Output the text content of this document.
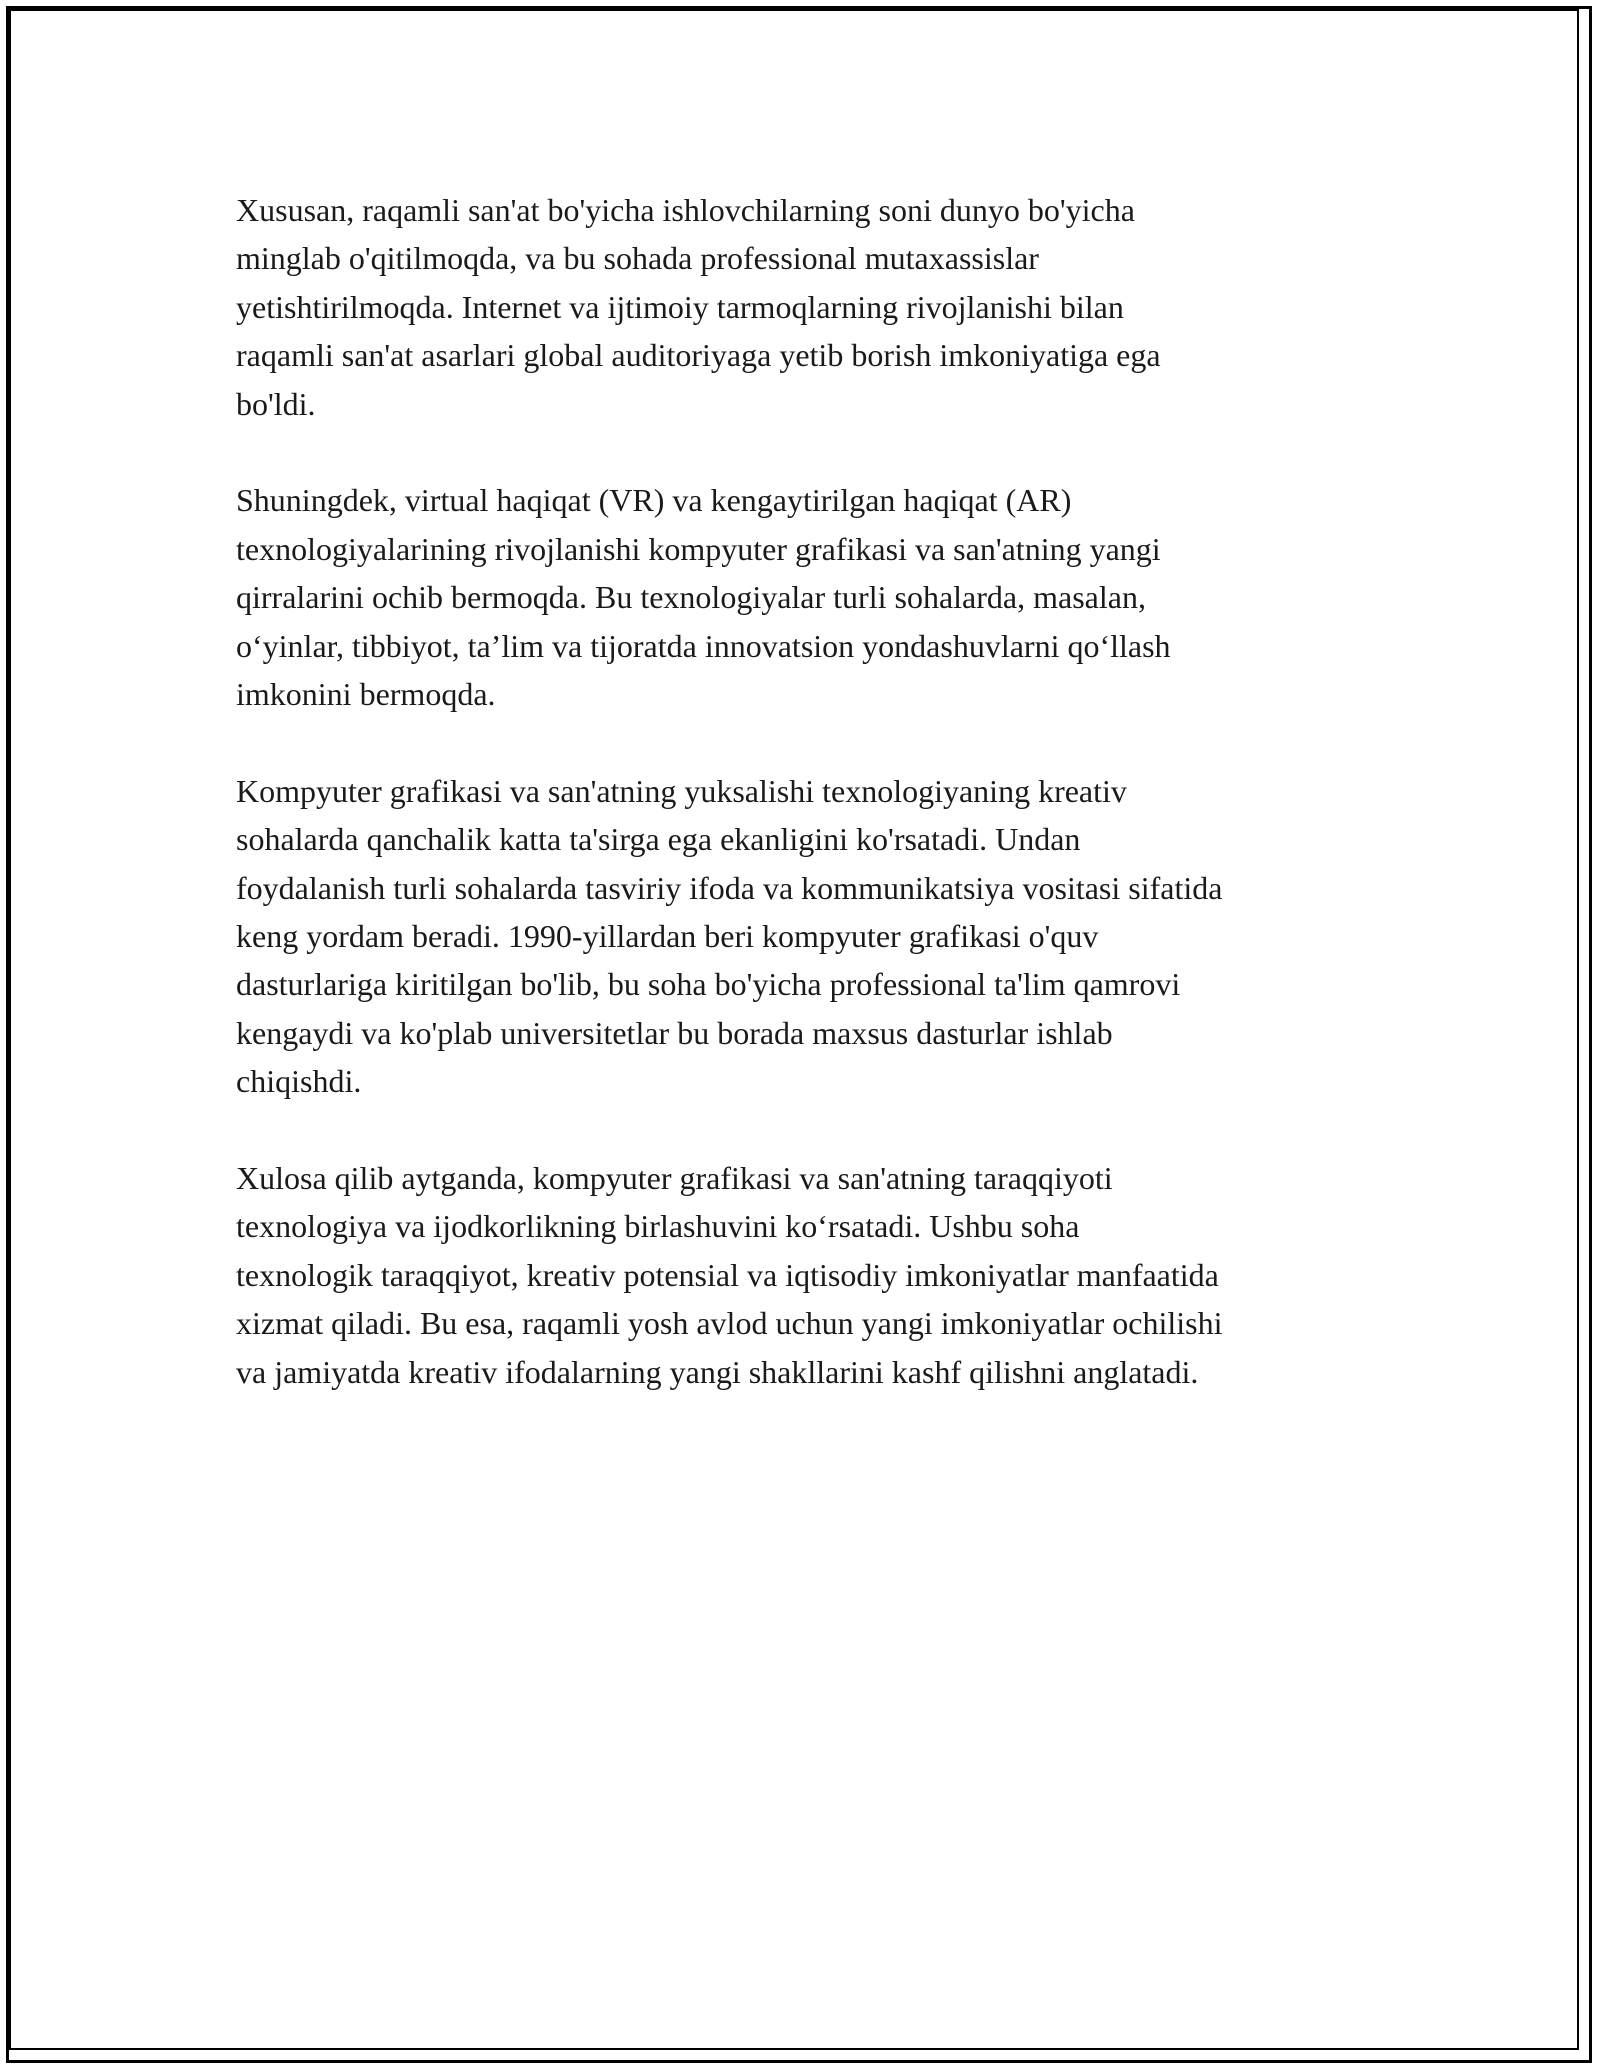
Xususan, raqamli san'at bo'yicha ishlovchilarning soni dunyo bo'yicha
minglab o'qitilmoqda, va bu sohada professional mutaxassislar
yetishtirilmoqda. Internet va ijtimoiy tarmoqlarning rivojlanishi bilan
raqamli san'at asarlari global auditoriyaga yetib borish imkoniyatiga ega
bo'ldi.

Shuningdek, virtual haqiqat (VR) va kengaytirilgan haqiqat (AR)
texnologiyalarining rivojlanishi kompyuter grafikasi va san'atning yangi
qirralarini ochib bermoqda. Bu texnologiyalar turli sohalarda, masalan,
o‘yinlar, tibbiyot, ta’lim va tijoratda innovatsion yondashuvlarni qo‘llash
imkonini bermoqda.

Kompyuter grafikasi va san'atning yuksalishi texnologiyaning kreativ
sohalarda qanchalik katta ta'sirga ega ekanligini ko'rsatadi. Undan
foydalanish turli sohalarda tasviriy ifoda va kommunikatsiya vositasi sifatida
keng yordam beradi. 1990-yillardan beri kompyuter grafikasi o'quv
dasturlariga kiritilgan bo'lib, bu soha bo'yicha professional ta'lim qamrovi
kengaydi va ko'plab universitetlar bu borada maxsus dasturlar ishlab
chiqishdi.

Xulosa qilib aytganda, kompyuter grafikasi va san'atning taraqqiyoti
texnologiya va ijodkorlikning birlashuvini ko‘rsatadi. Ushbu soha
texnologik taraqqiyot, kreativ potensial va iqtisodiy imkoniyatlar manfaatida
xizmat qiladi. Bu esa, raqamli yosh avlod uchun yangi imkoniyatlar ochilishi
va jamiyatda kreativ ifodalarning yangi shakllarini kashf qilishni anglatadi.
